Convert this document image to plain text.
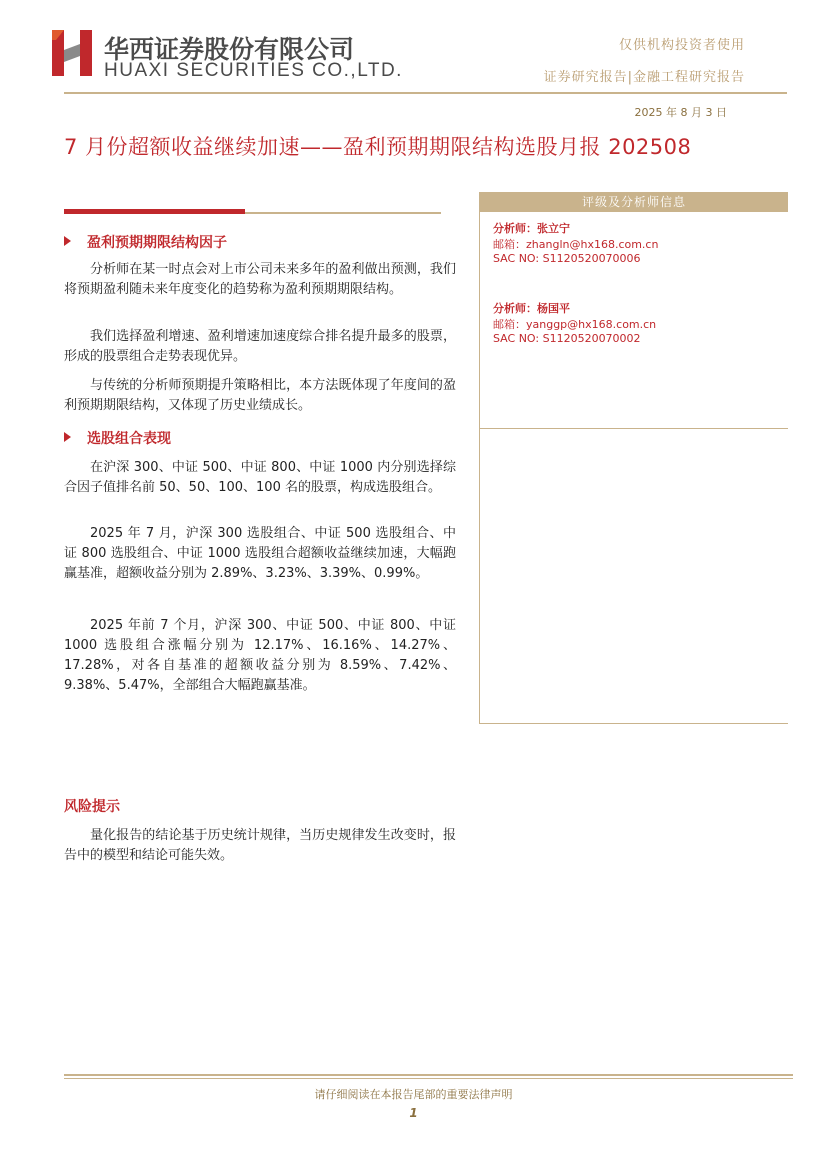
华西证券股份有限公司
HUAXI SECURITIES CO.,LTD.
仅供机构投资者使用
证券研究报告|金融工程研究报告
2025 年 8 月 3 日
7 月份超额收益继续加速——盈利预期期限结构选股月报 202508
盈利预期期限结构因子
分析师在某一时点会对上市公司未来多年的盈利做出预测，我们将预期盈利随未来年度变化的趋势称为盈利预期期限结构。
我们选择盈利增速、盈利增速加速度综合排名提升最多的股票，形成的股票组合走势表现优异。
与传统的分析师预期提升策略相比，本方法既体现了年度间的盈利预期期限结构，又体现了历史业绩成长。
选股组合表现
在沪深 300、中证 500、中证 800、中证 1000 内分别选择综合因子值排名前 50、50、100、100 名的股票，构成选股组合。
2025 年 7 月，沪深 300 选股组合、中证 500 选股组合、中证 800 选股组合、中证 1000 选股组合超额收益继续加速，大幅跑赢基准，超额收益分别为 2.89%、3.23%、3.39%、0.99%。
2025 年前 7 个月，沪深 300、中证 500、中证 800、中证 1000 选股组合涨幅分别为 12.17%、16.16%、14.27%、17.28%，对各自基准的超额收益分别为 8.59%、7.42%、9.38%、5.47%，全部组合大幅跑赢基准。
风险提示
量化报告的结论基于历史统计规律，当历史规律发生改变时，报告中的模型和结论可能失效。
评级及分析师信息
分析师：张立宁
邮箱：zhangln@hx168.com.cn
SAC NO: S1120520070006
分析师：杨国平
邮箱：yanggp@hx168.com.cn
SAC NO: S1120520070002
请仔细阅读在本报告尾部的重要法律声明
1
